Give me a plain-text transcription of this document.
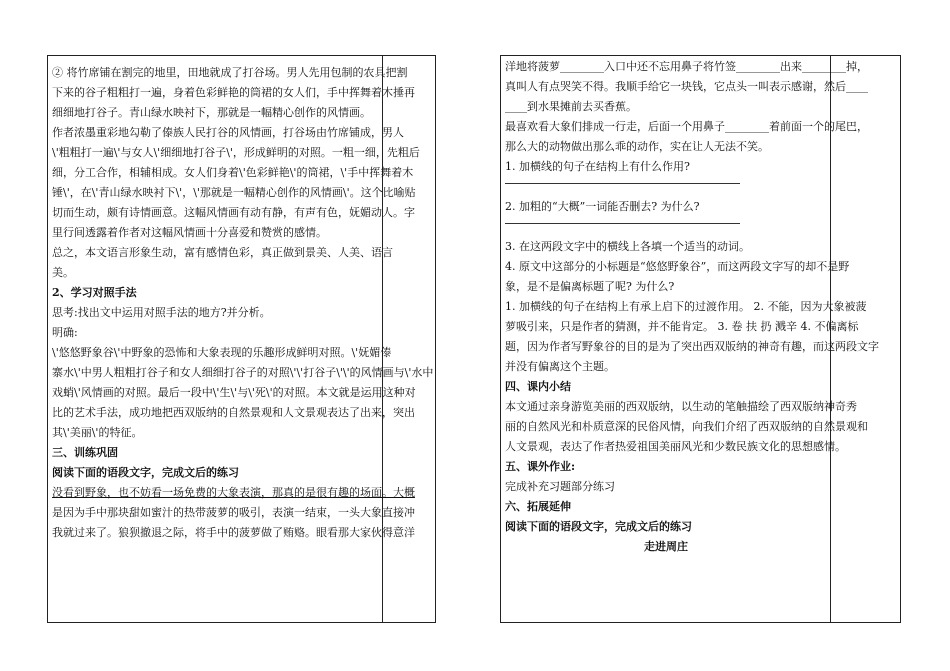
② 将竹席铺在割完的地里，田地就成了打谷场。男人先用包制的农具把割
下来的谷子粗粗打一遍，身着色彩鲜艳的筒裙的女人们，手中挥舞着木捶再
细细地打谷子。青山绿水映衬下，那就是一幅精心创作的风情画。
作者浓墨重彩地勾勒了傣族人民打谷的风情画，打谷场由竹席铺成，男人
\'粗粗打一遍\'与女人\'细细地打谷子\'，形成鲜明的对照。一粗一细，先粗后
细，分工合作，相辅相成。女人们身着\'色彩鲜艳\'的筒裙，\'手中挥舞着木
锤\'，在\'青山绿水映衬下\'，\'那就是一幅精心创作的风情画\'。这个比喻贴
切而生动，颇有诗情画意。这幅风情画有动有静，有声有色，妩媚动人。字
里行间透露着作者对这幅风情画十分喜爱和赞赏的感情。
总之，本文语言形象生动，富有感情色彩，真正做到景美、人美、语言
美。
2、学习对照手法
思考:找出文中运用对照手法的地方?并分析。
明确:
\'悠悠野象谷\'中野象的恐怖和大象表现的乐趣形成鲜明对照。\'妩媚傣
寨水\'中男人粗粗打谷子和女人细细打谷子的对照\'\'打谷子\'\'的风情画与\'水中
戏蛸\'风情画的对照。最后一段中\'生\'与\'死\'的对照。本文就是运用这种对
比的艺术手法，成功地把西双版纳的自然景观和人文景观表达了出来，突出
其\'美丽\'的特征。
三、训练巩固
阅读下面的语段文字，完成文后的练习
没看到野象，也不妨看一场免费的大象表演，那真的是很有趣的场面。大概
是因为手中那块甜如蜜汁的热带菠萝的吸引，表演一结束，一头大象直接冲
我就过来了。狼狈撤退之际，将手中的菠萝做了贿赂。眼看那大家伙得意洋
洋地将菠萝________入口中还不忘用鼻子将竹签________出来________掉，
真叫人有点哭笑不得。我顺手给它一块钱，它点头一叫表示感谢，然后____
____到水果摊前去买香蕉。
最喜欢看大象们排成一行走，后面一个用鼻子________着前面一个的尾巴，
那么大的动物做出那么乖的动作，实在让人无法不笑。
1. 加横线的句子在结构上有什么作用?
2. 加粗的“大概”一词能否删去? 为什么?
3. 在这两段文字中的横线上各填一个适当的动词。
4. 原文中这部分的小标题是“悠悠野象谷”，而这两段文字写的却不是野
象，是不是偏离标题了呢? 为什么?
1. 加横线的句子在结构上有承上启下的过渡作用。 2. 不能，因为大象被菠
萝吸引来，只是作者的猜测，并不能肯定。 3. 卷 扶 扔 溅辛 4. 不偏离标
题，因为作者写野象谷的目的是为了突出西双版纳的神奇有趣，而这两段文字
并没有偏离这个主题。
四、课内小结
本文通过亲身游览美丽的西双版纳，以生动的笔触描绘了西双版纳神奇秀
丽的自然风光和朴质意深的民俗风情，向我们介绍了西双版纳的自然景观和
人文景观，表达了作者热爱祖国美丽风光和少数民族文化的思想感情。
五、课外作业:
完成补充习题部分练习
六、拓展延伸
阅读下面的语段文字，完成文后的练习
走进周庄
